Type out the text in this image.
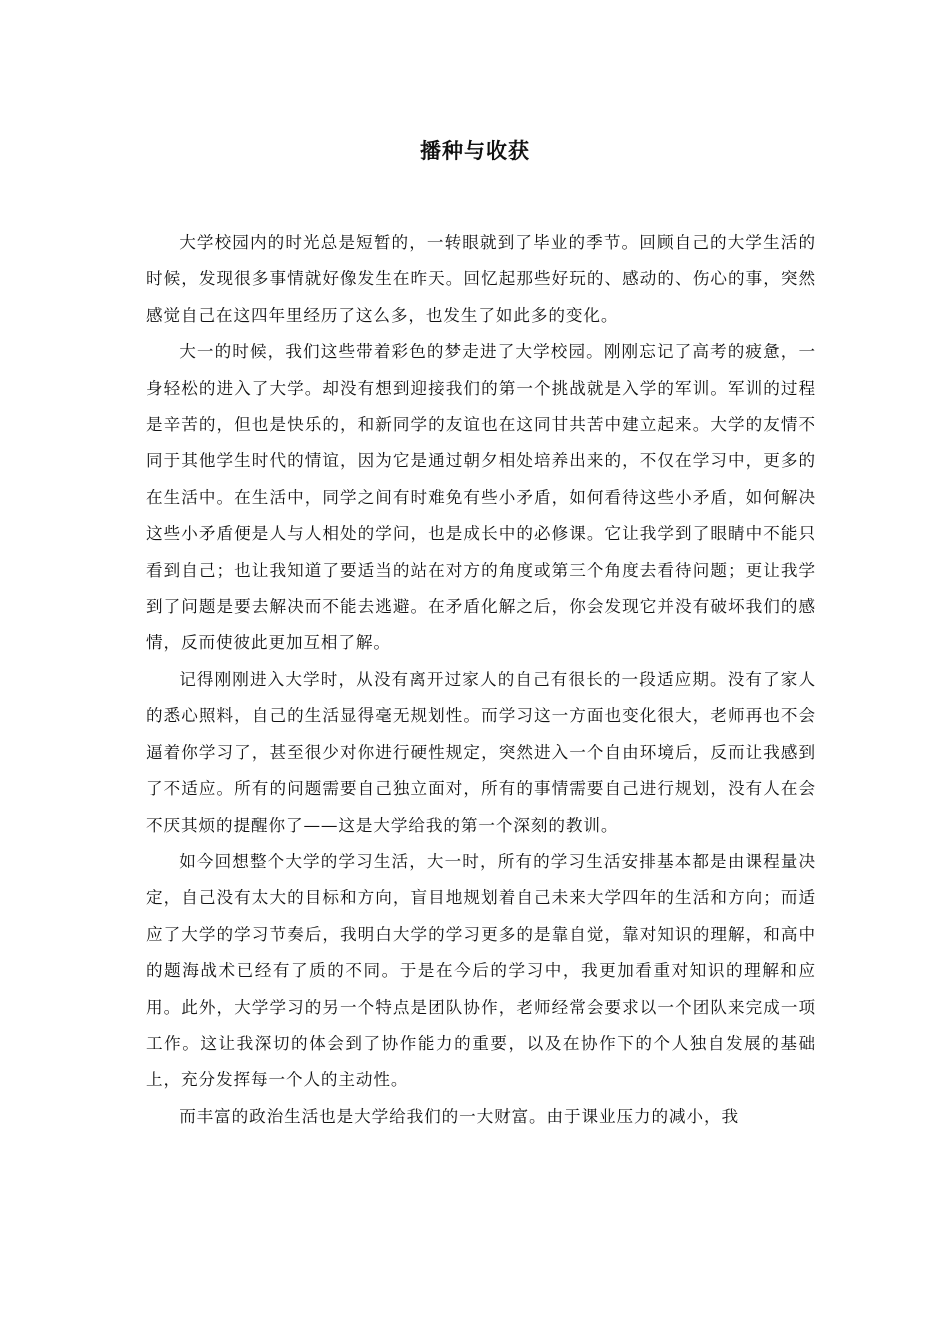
播种与收获

大学校园内的时光总是短暂的，一转眼就到了毕业的季节。回顾自己的大学生活的时候，发现很多事情就好像发生在昨天。回忆起那些好玩的、感动的、伤心的事，突然感觉自己在这四年里经历了这么多，也发生了如此多的变化。

大一的时候，我们这些带着彩色的梦走进了大学校园。刚刚忘记了高考的疲惫，一身轻松的进入了大学。却没有想到迎接我们的第一个挑战就是入学的军训。军训的过程是辛苦的，但也是快乐的，和新同学的友谊也在这同甘共苦中建立起来。大学的友情不同于其他学生时代的情谊，因为它是通过朝夕相处培养出来的，不仅在学习中，更多的在生活中。在生活中，同学之间有时难免有些小矛盾，如何看待这些小矛盾，如何解决这些小矛盾便是人与人相处的学问，也是成长中的必修课。它让我学到了眼睛中不能只看到自己；也让我知道了要适当的站在对方的角度或第三个角度去看待问题；更让我学到了问题是要去解决而不能去逃避。在矛盾化解之后，你会发现它并没有破坏我们的感情，反而使彼此更加互相了解。

记得刚刚进入大学时，从没有离开过家人的自己有很长的一段适应期。没有了家人的悉心照料，自己的生活显得毫无规划性。而学习这一方面也变化很大，老师再也不会逼着你学习了，甚至很少对你进行硬性规定，突然进入一个自由环境后，反而让我感到了不适应。所有的问题需要自己独立面对，所有的事情需要自己进行规划，没有人在会不厌其烦的提醒你了——这是大学给我的第一个深刻的教训。

如今回想整个大学的学习生活，大一时，所有的学习生活安排基本都是由课程量决定，自己没有太大的目标和方向，盲目地规划着自己未来大学四年的生活和方向；而适应了大学的学习节奏后，我明白大学的学习更多的是靠自觉，靠对知识的理解，和高中的题海战术已经有了质的不同。于是在今后的学习中，我更加看重对知识的理解和应用。此外，大学学习的另一个特点是团队协作，老师经常会要求以一个团队来完成一项工作。这让我深切的体会到了协作能力的重要，以及在协作下的个人独自发展的基础上，充分发挥每一个人的主动性。

而丰富的政治生活也是大学给我们的一大财富。由于课业压力的减小，我
